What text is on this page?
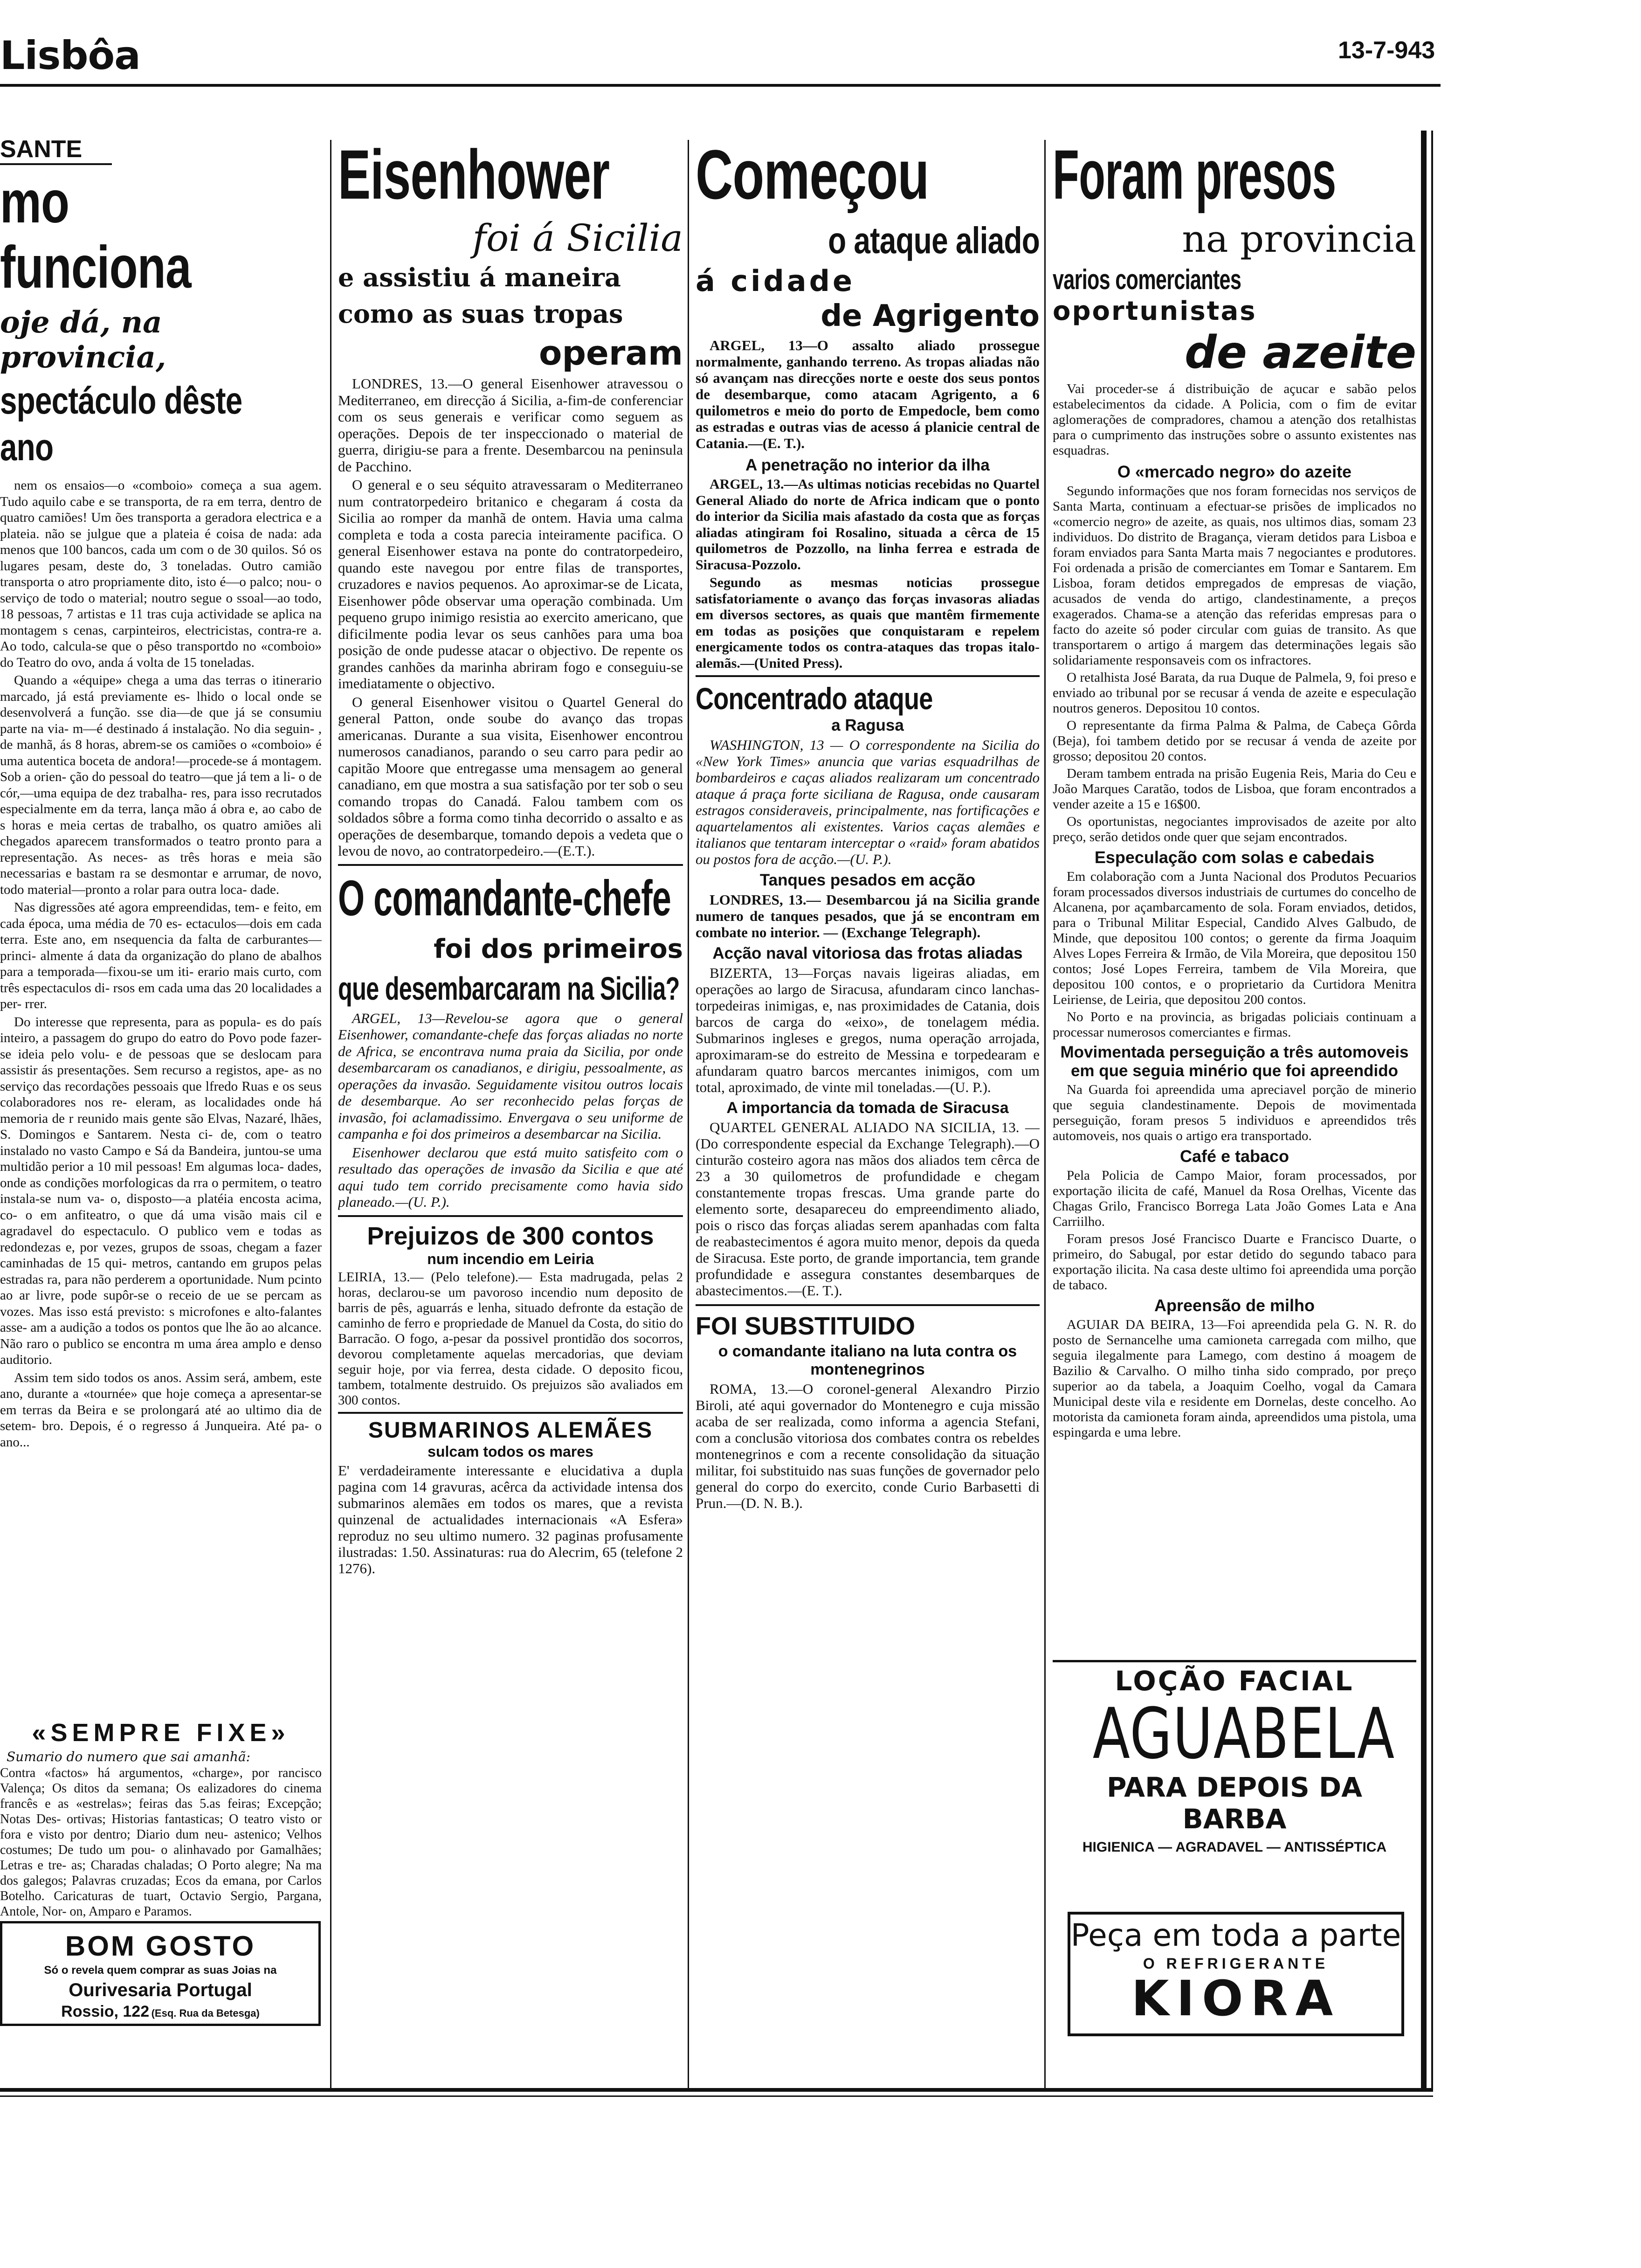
Lisbôa	13-7-943
SANTE
mo funciona
oje dá, na provincia,
spectáculo dêste ano

nem os ensaios—o «comboio» começa a sua agem. Tudo aquilo cabe e se transporta, de ra em terra, dentro de quatro camiões! Um ões transporta a geradora electrica e a plateia. não se julgue que a plateia é coisa de nada: ada menos que 100 bancos, cada um com o de 30 quilos. Só os lugares pesam, deste do, 3 toneladas. Outro camião transporta o atro propriamente dito, isto é—o palco; nou- o serviço de todo o material; noutro segue o ssoal—ao todo, 18 pessoas, 7 artistas e 11 tras cuja actividade se aplica na montagem s cenas, carpinteiros, electricistas, contra-re a. Ao todo, calcula-se que o pêso transportdo no «comboio» do Teatro do ovo, anda á volta de 15 toneladas.

Quando a «équipe» chega a uma das terras o itinerario marcado, já está previamente es- lhido o local onde se desenvolverá a função. sse dia—de que já se consumiu parte na via- m—é destinado á instalação. No dia seguin- , de manhã, ás 8 horas, abrem-se os camiões o «comboio» é uma autentica boceta de andora!—procede-se á montagem. Sob a orien- ção do pessoal do teatro—que já tem a li- o de cór,—uma equipa de dez trabalha- res, para isso recrutados especialmente em da terra, lança mão á obra e, ao cabo de s horas e meia certas de trabalho, os quatro amiões ali chegados aparecem transformados o teatro pronto para a representação. As neces- as três horas e meia são necessarias e bastam ra se desmontar e arrumar, de novo, todo material—pronto a rolar para outra loca- dade.

Nas digressões até agora empreendidas, tem- e feito, em cada época, uma média de 70 es- ectaculos—dois em cada terra. Este ano, em nsequencia da falta de carburantes—princi- almente á data da organização do plano de abalhos para a temporada—fixou-se um iti- erario mais curto, com três espectaculos di- rsos em cada uma das 20 localidades a per- rrer.

Do interesse que representa, para as popula- es do país inteiro, a passagem do grupo do eatro do Povo pode fazer-se ideia pelo volu- e de pessoas que se deslocam para assistir ás presentações. Sem recurso a registos, ape- as no serviço das recordações pessoais que lfredo Ruas e os seus colaboradores nos re- eleram, as localidades onde há memoria de r reunido mais gente são Elvas, Nazaré, lhães, S. Domingos e Santarem. Nesta ci- de, com o teatro instalado no vasto Campo e Sá da Bandeira, juntou-se uma multidão perior a 10 mil pessoas! Em algumas loca- dades, onde as condições morfologicas da rra o permitem, o teatro instala-se num va- o, disposto—a platéia encosta acima, co- o em anfiteatro, o que dá uma visão mais cil e agradavel do espectaculo. O publico vem e todas as redondezas e, por vezes, grupos de ssoas, chegam a fazer caminhadas de 15 qui- metros, cantando em grupos pelas estradas ra, para não perderem a oportunidade. Num pcinto ao ar livre, pode supôr-se o receio de ue se percam as vozes. Mas isso está previsto: s microfones e alto-falantes asse- am a audição a todos os pontos que lhe ão ao alcance. Não raro o publico se encontra m uma área amplo e denso auditorio.

Assim tem sido todos os anos. Assim será, ambem, este ano, durante a «tournée» que hoje começa a apresentar-se em terras da Beira e se prolongará até ao ultimo dia de setem- bro. Depois, é o regresso á Junqueira. Até pa- o ano...

«SEMPRE FIXE»
Sumario do numero que sai amanhã:
Contra «factos» há argumentos, «charge», por rancisco Valença; Os ditos da semana; Os ealizadores do cinema francês e as «estrelas»; feiras das 5.as feiras; Excepção; Notas Des- ortivas; Historias fantasticas; O teatro visto or fora e visto por dentro; Diario dum neu- astenico; Velhos costumes; De tudo um pou- o alinhavado por Gamalhães; Letras e tre- as; Charadas chaladas; O Porto alegre; Na ma dos galegos; Palavras cruzadas; Ecos da emana, por Carlos Botelho. Caricaturas de tuart, Octavio Sergio, Pargana, Antole, Nor- on, Amparo e Paramos.
BOM GOSTO
Só o revela quem comprar as suas Joias na
Ourivesaria Portugal
Rossio, 122 (Esq. Rua da Betesga)
Eisenhower
foi á Sicilia
e assistiu á maneira
como as suas tropas
operam

LONDRES, 13.—O general Eisenhower atravessou o Mediterraneo, em direcção á Sicilia, a-fim-de conferenciar com os seus generais e verificar como seguem as operações. Depois de ter inspeccionado o material de guerra, dirigiu-se para a frente. Desembarcou na peninsula de Pacchino.

O general e o seu séquito atravessaram o Mediterraneo num contratorpedeiro britanico e chegaram á costa da Sicilia ao romper da manhã de ontem. Havia uma calma completa e toda a costa parecia inteiramente pacifica. O general Eisenhower estava na ponte do contratorpedeiro, quando este navegou por entre filas de transportes, cruzadores e navios pequenos. Ao aproximar-se de Licata, Eisenhower pôde observar uma operação combinada. Um pequeno grupo inimigo resistia ao exercito americano, que dificilmente podia levar os seus canhões para uma boa posição de onde pudesse atacar o objectivo. De repente os grandes canhões da marinha abriram fogo e conseguiu-se imediatamente o objectivo.

O general Eisenhower visitou o Quartel General do general Patton, onde soube do avanço das tropas americanas. Durante a sua visita, Eisenhower encontrou numerosos canadianos, parando o seu carro para pedir ao capitão Moore que entregasse uma mensagem ao general canadiano, em que mostra a sua satisfação por ter sob o seu comando tropas do Canadá. Falou tambem com os soldados sôbre a forma como tinha decorrido o assalto e as operações de desembarque, tomando depois a vedeta que o levou de novo, ao contratorpedeiro.—(E.T.).

O comandante-chefe
foi dos primeiros
que desembarcaram na Sicilia?

ARGEL, 13—Revelou-se agora que o general Eisenhower, comandante-chefe das forças aliadas no norte de Africa, se encontrava numa praia da Sicilia, por onde desembarcaram os canadianos, e dirigiu, pessoalmente, as operações da invasão. Seguidamente visitou outros locais de desembarque. Ao ser reconhecido pelas forças de invasão, foi aclamadissimo. Envergava o seu uniforme de campanha e foi dos primeiros a desembarcar na Sicilia.

Eisenhower declarou que está muito satisfeito com o resultado das operações de invasão da Sicilia e que até aqui tudo tem corrido precisamente como havia sido planeado.—(U. P.).

Prejuizos de 300 contos
num incendio em Leiria
LEIRIA, 13.— (Pelo telefone).— Esta madrugada, pelas 2 horas, declarou-se um pavoroso incendio num deposito de barris de pês, aguarrás e lenha, situado defronte da estação de caminho de ferro e propriedade de Manuel da Costa, do sitio do Barracão. O fogo, a-pesar da possivel prontidão dos socorros, devorou completamente aquelas mercadorias, que deviam seguir hoje, por via ferrea, desta cidade. O deposito ficou, tambem, totalmente destruido. Os prejuizos são avaliados em 300 contos.
SUBMARINOS ALEMÃES
sulcam todos os mares
E' verdadeiramente interessante e elucidativa a dupla pagina com 14 gravuras, acêrca da actividade intensa dos submarinos alemães em todos os mares, que a revista quinzenal de actualidades internacionais «A Esfera» reproduz no seu ultimo numero. 32 paginas profusamente ilustradas: 1.50. Assinaturas: rua do Alecrim, 65 (telefone 2 1276).
Começou
o ataque aliado
á cidade
de Agrigento
ARGEL, 13—O assalto aliado prossegue normalmente, ganhando terreno. As tropas aliadas não só avançam nas direcções norte e oeste dos seus pontos de desembarque, como atacam Agrigento, a 6 quilometros e meio do porto de Empedocle, bem como as estradas e outras vias de acesso á planicie central de Catania.—(E. T.).
A penetração no interior da ilha

ARGEL, 13.—As ultimas noticias recebidas no Quartel General Aliado do norte de Africa indicam que o ponto do interior da Sicilia mais afastado da costa que as forças aliadas atingiram foi Rosalino, situada a cêrca de 15 quilometros de Pozzollo, na linha ferrea e estrada de Siracusa-Pozzolo.

Segundo as mesmas noticias prossegue satisfatoriamente o avanço das forças invasoras aliadas em diversos sectores, as quais que mantêm firmemente em todas as posições que conquistaram e repelem energicamente todos os contra-ataques das tropas italo-alemãs.—(United Press).

Concentrado ataque
a Ragusa
WASHINGTON, 13 — O correspondente na Sicilia do «New York Times» anuncia que varias esquadrilhas de bombardeiros e caças aliados realizaram um concentrado ataque á praça forte siciliana de Ragusa, onde causaram estragos consideraveis, principalmente, nas fortificações e aquartelamentos ali existentes. Varios caças alemães e italianos que tentaram interceptar o «raid» foram abatidos ou postos fora de acção.—(U. P.).
Tanques pesados em acção
LONDRES, 13.— Desembarcou já na Sicilia grande numero de tanques pesados, que já se encontram em combate no interior. — (Exchange Telegraph).
Acção naval vitoriosa das frotas aliadas
BIZERTA, 13—Forças navais ligeiras aliadas, em operações ao largo de Siracusa, afundaram cinco lanchas-torpedeiras inimigas, e, nas proximidades de Catania, dois barcos de carga do «eixo», de tonelagem média. Submarinos ingleses e gregos, numa operação arrojada, aproximaram-se do estreito de Messina e torpedearam e afundaram quatro barcos mercantes inimigos, com um total, aproximado, de vinte mil toneladas.—(U. P.).
A importancia da tomada de Siracusa
QUARTEL GENERAL ALIADO NA SICILIA, 13. — (Do correspondente especial da Exchange Telegraph).—O cinturão costeiro agora nas mãos dos aliados tem cêrca de 23 a 30 quilometros de profundidade e chegam constantemente tropas frescas. Uma grande parte do elemento sorte, desapareceu do empreendimento aliado, pois o risco das forças aliadas serem apanhadas com falta de reabastecimentos é agora muito menor, depois da queda de Siracusa. Este porto, de grande importancia, tem grande profundidade e assegura constantes desembarques de abastecimentos.—(E. T.).
FOI SUBSTITUIDO
o comandante italiano na luta contra os montenegrinos
ROMA, 13.—O coronel-general Alexandro Pirzio Biroli, até aqui governador do Montenegro e cuja missão acaba de ser realizada, como informa a agencia Stefani, com a conclusão vitoriosa dos combates contra os rebeldes montenegrinos e com a recente consolidação da situação militar, foi substituido nas suas funções de governador pelo general do corpo do exercito, conde Curio Barbasetti di Prun.—(D. N. B.).
Foram presos
na provincia
varios comerciantes
oportunistas
de azeite
Vai proceder-se á distribuição de açucar e sabão pelos estabelecimentos da cidade. A Policia, com o fim de evitar aglomerações de compradores, chamou a atenção dos retalhistas para o cumprimento das instruções sobre o assunto existentes nas esquadras.
O «mercado negro» do azeite

Segundo informações que nos foram fornecidas nos serviços de Santa Marta, continuam a efectuar-se prisões de implicados no «comercio negro» de azeite, as quais, nos ultimos dias, somam 23 individuos. Do distrito de Bragança, vieram detidos para Lisboa e foram enviados para Santa Marta mais 7 negociantes e produtores. Foi ordenada a prisão de comerciantes em Tomar e Santarem. Em Lisboa, foram detidos empregados de empresas de viação, acusados de venda do artigo, clandestinamente, a preços exagerados. Chama-se a atenção das referidas empresas para o facto do azeite só poder circular com guias de transito. As que transportarem o artigo á margem das determinações legais são solidariamente responsaveis com os infractores.

O retalhista José Barata, da rua Duque de Palmela, 9, foi preso e enviado ao tribunal por se recusar á venda de azeite e especulação noutros generos. Depositou 10 contos.

O representante da firma Palma & Palma, de Cabeça Gôrda (Beja), foi tambem detido por se recusar á venda de azeite por grosso; depositou 20 contos.

Deram tambem entrada na prisão Eugenia Reis, Maria do Ceu e João Marques Caratão, todos de Lisboa, que foram encontrados a vender azeite a 15 e 16$00.

Os oportunistas, negociantes improvisados de azeite por alto preço, serão detidos onde quer que sejam encontrados.

Especulação com solas e cabedais

Em colaboração com a Junta Nacional dos Produtos Pecuarios foram processados diversos industriais de curtumes do concelho de Alcanena, por açambarcamento de sola. Foram enviados, detidos, para o Tribunal Militar Especial, Candido Alves Galbudo, de Minde, que depositou 100 contos; o gerente da firma Joaquim Alves Lopes Ferreira & Irmão, de Vila Moreira, que depositou 150 contos; José Lopes Ferreira, tambem de Vila Moreira, que depositou 100 contos, e o proprietario da Curtidora Menitra Leiriense, de Leiria, que depositou 200 contos.

No Porto e na provincia, as brigadas policiais continuam a processar numerosos comerciantes e firmas.

Movimentada perseguição a três automoveis em que seguia minério que foi apreendido
Na Guarda foi apreendida uma apreciavel porção de minerio que seguia clandestinamente. Depois de movimentada perseguição, foram presos 5 individuos e apreendidos três automoveis, nos quais o artigo era transportado.
Café e tabaco

Pela Policia de Campo Maior, foram processados, por exportação ilicita de café, Manuel da Rosa Orelhas, Vicente das Chagas Grilo, Francisco Borrega Lata João Gomes Lata e Ana Carriilho.

Foram presos José Francisco Duarte e Francisco Duarte, o primeiro, do Sabugal, por estar detido do segundo tabaco para exportação ilicita. Na casa deste ultimo foi apreendida uma porção de tabaco.

Apreensão de milho
AGUIAR DA BEIRA, 13—Foi apreendida pela G. N. R. do posto de Sernancelhe uma camioneta carregada com milho, que seguia ilegalmente para Lamego, com destino á moagem de Bazilio & Carvalho. O milho tinha sido comprado, por preço superior ao da tabela, a Joaquim Coelho, vogal da Camara Municipal deste vila e residente em Dornelas, deste concelho. Ao motorista da camioneta foram ainda, apreendidos uma pistola, uma espingarda e uma lebre.
LOÇÃO FACIAL
AGUABELA
PARA DEPOIS DA BARBA
HIGIENICA — AGRADAVEL — ANTISSÉPTICA
Peça em toda a parte
O REFRIGERANTE
KIORA
